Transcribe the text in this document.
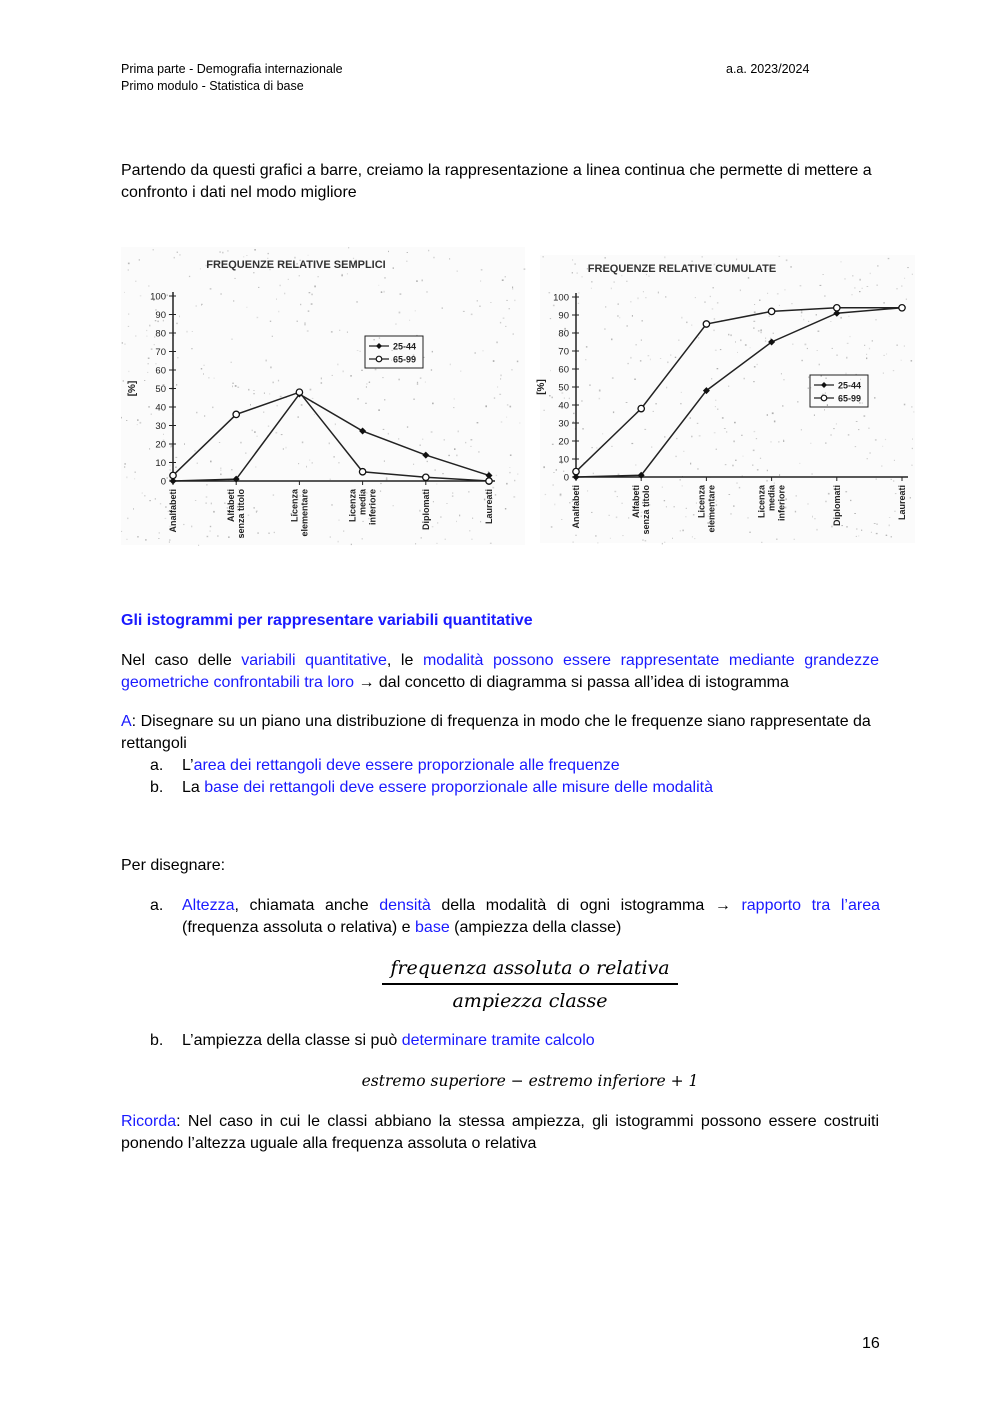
Prima parte - Demografia internazionale
Primo modulo - Statistica di base
a.a. 2023/2024
Partendo da questi grafici a barre, creiamo la rappresentazione a linea continua che permette di mettere a confronto i dati nel modo migliore
FREQUENZE RELATIVE SEMPLICI
0
10
20
30
40
50
60
70
80
90
100
[%]
Analfabeti	Alfabeti senza titolo	Licenza elementare	Licenza media inferiore	Diplomati	Laureati
25-44
65-99
FREQUENZE RELATIVE CUMULATE
0
10
20
30
40
50
60
70
80
90
100
[%]
Analfabeti	Alfabeti senza titolo	Licenza elementare	Licenza media inferiore	Diplomati	Laureati
25-44
65-99
Gli istogrammi per rappresentare variabili quantitative
Nel caso delle variabili quantitative, le modalità possono essere rappresentate mediante grandezze geometriche confrontabili tra loro → dal concetto di diagramma si passa all’idea di istogramma
A: Disegnare su un piano una distribuzione di frequenza in modo che le frequenze siano rappresentate da rettangoli
a.	L’area dei rettangoli deve essere proporzionale alle frequenze
b.	La base dei rettangoli deve essere proporzionale alle misure delle modalità
Per disegnare:
a.	Altezza, chiamata anche densità della modalità di ogni istogramma → rapporto tra l’area (frequenza assoluta o relativa) e base (ampiezza della classe)
frequenza assoluta o relativa
ampiezza classe
b.	L’ampiezza della classe si può determinare tramite calcolo
estremo superiore − estremo inferiore + 1
Ricorda: Nel caso in cui le classi abbiano la stessa ampiezza, gli istogrammi possono essere costruiti ponendo l’altezza uguale alla frequenza assoluta o relativa
16
